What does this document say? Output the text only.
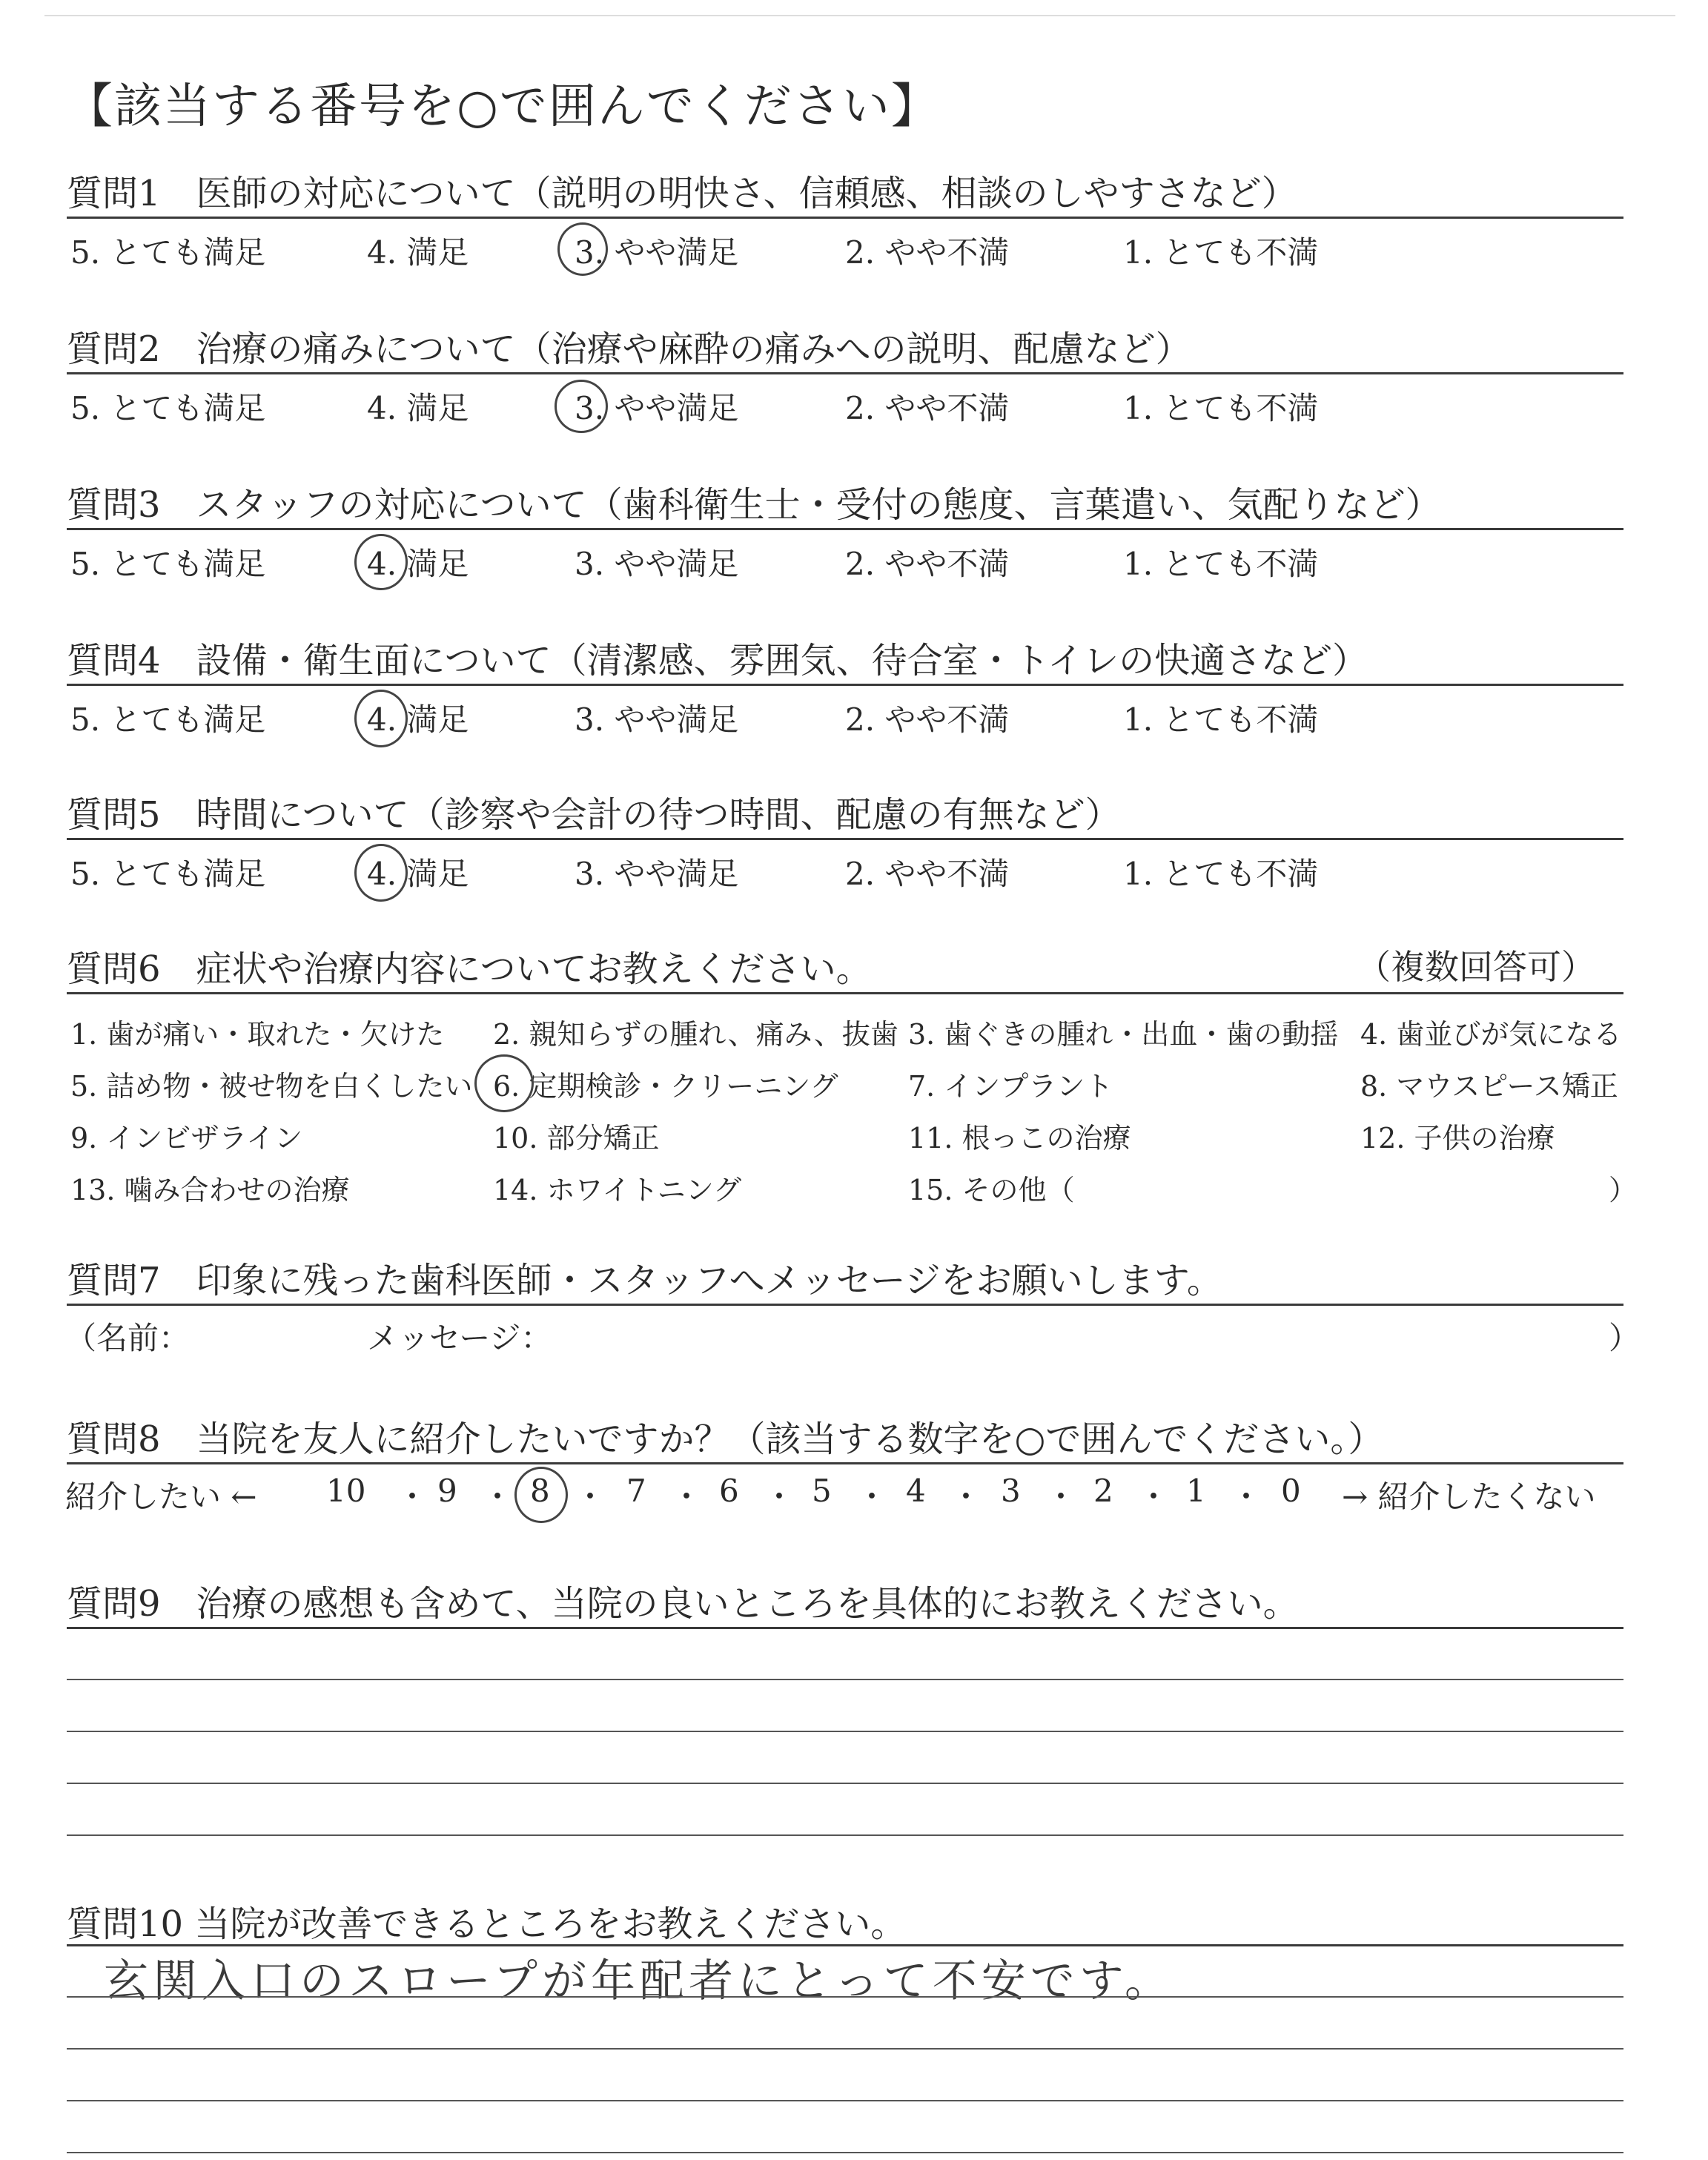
【該当する番号を○で囲んでください】
質問1　医師の対応について（説明の明快さ、信頼感、相談のしやすさなど）
5. とても満足	4. 満足	3. やや満足	2. やや不満	1. とても不満
質問2　治療の痛みについて（治療や麻酔の痛みへの説明、配慮など）
5. とても満足	4. 満足	3. やや満足	2. やや不満	1. とても不満
質問3　スタッフの対応について（歯科衛生士・受付の態度、言葉遣い、気配りなど）
5. とても満足	4. 満足	3. やや満足	2. やや不満	1. とても不満
質問4　設備・衛生面について（清潔感、雰囲気、待合室・トイレの快適さなど）
5. とても満足	4. 満足	3. やや満足	2. やや不満	1. とても不満
質問5　時間について（診察や会計の待つ時間、配慮の有無など）
5. とても満足	4. 満足	3. やや満足	2. やや不満	1. とても不満
質問6　症状や治療内容についてお教えください。	（複数回答可）
1. 歯が痛い・取れた・欠けた 2. 親知らずの腫れ、痛み、抜歯 3. 歯ぐきの腫れ・出血・歯の動揺 4. 歯並びが気になる
5. 詰め物・被せ物を白くしたい 6. 定期検診・クリーニング 7. インプラント	8. マウスピース矯正
9. インビザライン	10. 部分矯正	11. 根っこの治療	12. 子供の治療
13. 噛み合わせの治療	14. ホワイトニング	15. その他（	）
質問7　印象に残った歯科医師・スタッフへメッセージをお願いします。
（名前：	メッセージ：	）
質問8　当院を友人に紹介したいですか？（該当する数字を○で囲んでください。）
紹介したい ←	→ 紹介したくない
10 ・ 9 ・ 8 ・ 7 ・ 6 ・ 5 ・ 4 ・ 3 ・ 2 ・ 1 ・ 0
質問9　治療の感想も含めて、当院の良いところを具体的にお教えください。
質問10 当院が改善できるところをお教えください。
玄関入口のスロープが年配者にとって不安です。
